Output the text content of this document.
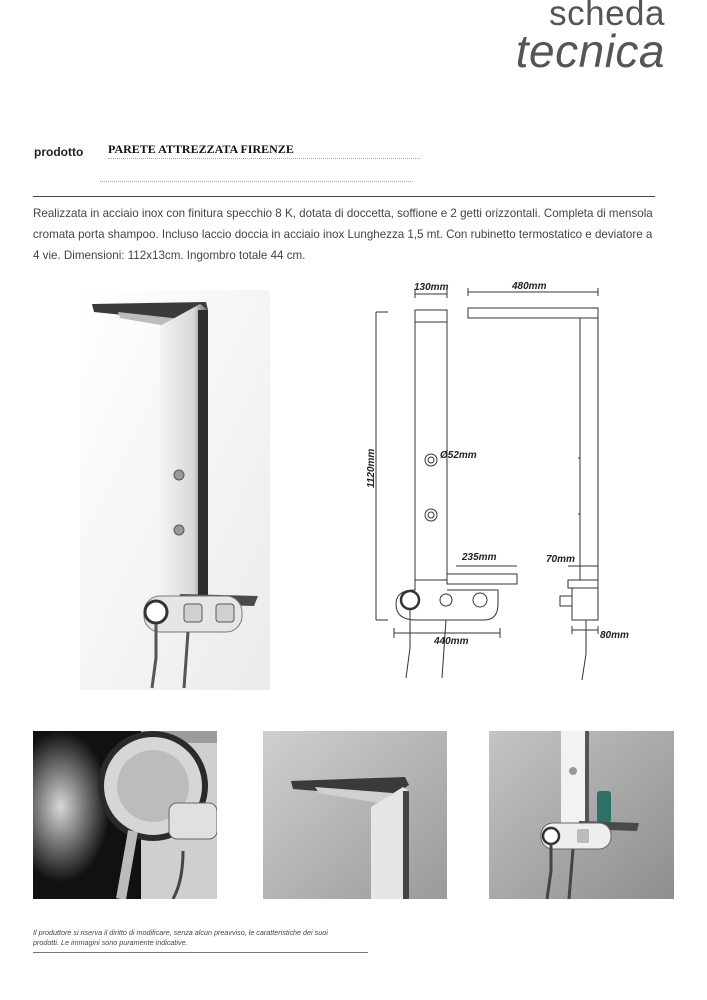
scheda
tecnica
prodotto PARETE ATTREZZATA FIRENZE
Realizzata in acciaio inox con finitura specchio 8 K, dotata di doccetta, soffione e 2 getti orizzontali. Completa di mensola cromata porta shampoo. Incluso laccio doccia in acciaio inox Lunghezza 1,5 mt. Con rubinetto termostatico e deviatore a 4 vie. Dimensioni: 112x13cm. Ingombro totale 44 cm.
130mm	480mm
1120mm	Ø52mm
235mm
440mm
70mm
80mm
Il produttore si riserva il diritto di modificare, senza alcun preavviso, le caratteristiche dei suoi
prodotti. Le immagini sono puramente indicative.
